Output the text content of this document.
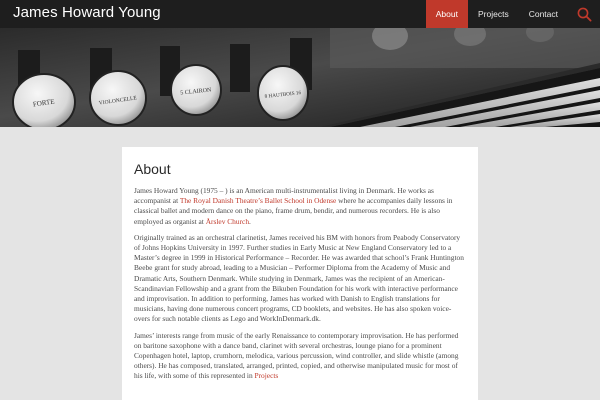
James Howard Young	About	Projects	Contact
FORTE	VIOLONCELLE
5 CLAIRON	8 HAUTBOIS 16
About

James Howard Young (1975 – ) is an American multi-instrumentalist living in Denmark. He works as accompanist at The Royal Danish Theatre’s Ballet School in Odense where he accompanies daily lessons in classical ballet and modern dance on the piano, frame drum, bendir, and numerous recorders. He is also employed as organist at Årslev Church.

Originally trained as an orchestral clarinetist, James received his BM with honors from Peabody Conservatory of Johns Hopkins University in 1997. Further studies in Early Music at New England Conservatory led to a Master’s degree in 1999 in Historical Performance – Recorder. He was awarded that school’s Frank Huntington Beebe grant for study abroad, leading to a Musician – Performer Diploma from the Academy of Music and Dramatic Arts, Southern Denmark. While studying in Denmark, James was the recipient of an American-Scandinavian Fellowship and a grant from the Bikuben Foundation for his work with interactive performance and improvisation. In addition to performing, James has worked with Danish to English translations for musicians, having done numerous concert programs, CD booklets, and websites. He has also spoken voice-overs for such notable clients as Lego and WorkInDenmark.dk.

James’ interests range from music of the early Renaissance to contemporary improvisation. He has performed on baritone saxophone with a dance band, clarinet with several orchestras, lounge piano for a prominent Copenhagen hotel, laptop, crumhorn, melodica, various percussion, wind controller, and slide whistle (among others). He has composed, translated, arranged, printed, copied, and otherwise manipulated music for most of his life, with some of this represented in Projects
